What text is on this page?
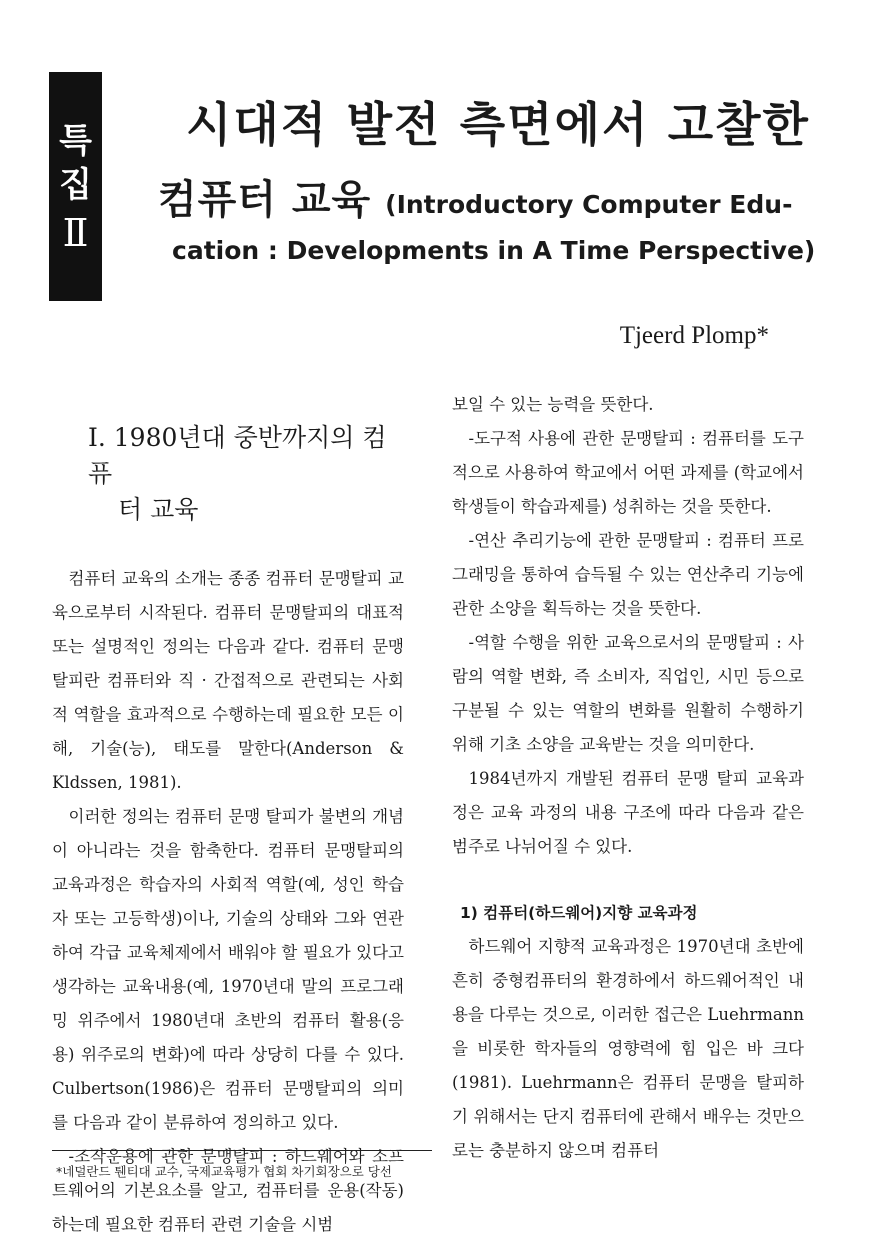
특
집
Ⅱ
시대적 발전 측면에서 고찰한
컴퓨터 교육 (Introductory Computer Edu-
cation : Developments in A Time Perspective)
Tjeerd Plomp*
Ⅰ. 1980년대 중반까지의 컴퓨
터 교육

컴퓨터 교육의 소개는 종종 컴퓨터 문맹탈피 교육으로부터 시작된다. 컴퓨터 문맹탈피의 대표적 또는 설명적인 정의는 다음과 같다. 컴퓨터 문맹 탈피란 컴퓨터와 직 · 간접적으로 관련되는 사회적 역할을 효과적으로 수행하는데 필요한 모든 이해, 기술(능), 태도를 말한다(Anderson & Kldssen, 1981).

이러한 정의는 컴퓨터 문맹 탈피가 불변의 개념이 아니라는 것을 함축한다. 컴퓨터 문맹탈피의 교육과정은 학습자의 사회적 역할(예, 성인 학습자 또는 고등학생)이나, 기술의 상태와 그와 연관하여 각급 교육체제에서 배워야 할 필요가 있다고 생각하는 교육내용(예, 1970년대 말의 프로그래밍 위주에서 1980년대 초반의 컴퓨터 활용(응용) 위주로의 변화)에 따라 상당히 다를 수 있다. Culbertson(1986)은 컴퓨터 문맹탈피의 의미를 다음과 같이 분류하여 정의하고 있다.

-조작운용에 관한 문맹탈피 : 하드웨어와 소프트웨어의 기본요소를 알고, 컴퓨터를 운용(작동)하는데 필요한 컴퓨터 관련 기술을 시범

보일 수 있는 능력을 뜻한다.

-도구적 사용에 관한 문맹탈피 : 컴퓨터를 도구적으로 사용하여 학교에서 어떤 과제를 (학교에서 학생들이 학습과제를) 성취하는 것을 뜻한다.

-연산 추리기능에 관한 문맹탈피 : 컴퓨터 프로그래밍을 통하여 습득될 수 있는 연산추리 기능에 관한 소양을 획득하는 것을 뜻한다.

-역할 수행을 위한 교육으로서의 문맹탈피 : 사람의 역할 변화, 즉 소비자, 직업인, 시민 등으로 구분될 수 있는 역할의 변화를 원활히 수행하기 위해 기초 소양을 교육받는 것을 의미한다.

1984년까지 개발된 컴퓨터 문맹 탈피 교육과정은 교육 과정의 내용 구조에 따라 다음과 같은 범주로 나뉘어질 수 있다.

1) 컴퓨터(하드웨어)지향 교육과정

하드웨어 지향적 교육과정은 1970년대 초반에 흔히 중형컴퓨터의 환경하에서 하드웨어적인 내용을 다루는 것으로, 이러한 접근은 Luehrmann 을 비롯한 학자들의 영향력에 힘 입은 바 크다(1981). Luehrmann은 컴퓨터 문맹을 탈피하기 위해서는 단지 컴퓨터에 관해서 배우는 것만으로는 충분하지 않으며 컴퓨터

*네덜란드 퉨티대 교수, 국제교육평가 협회 차기회장으로 당선
